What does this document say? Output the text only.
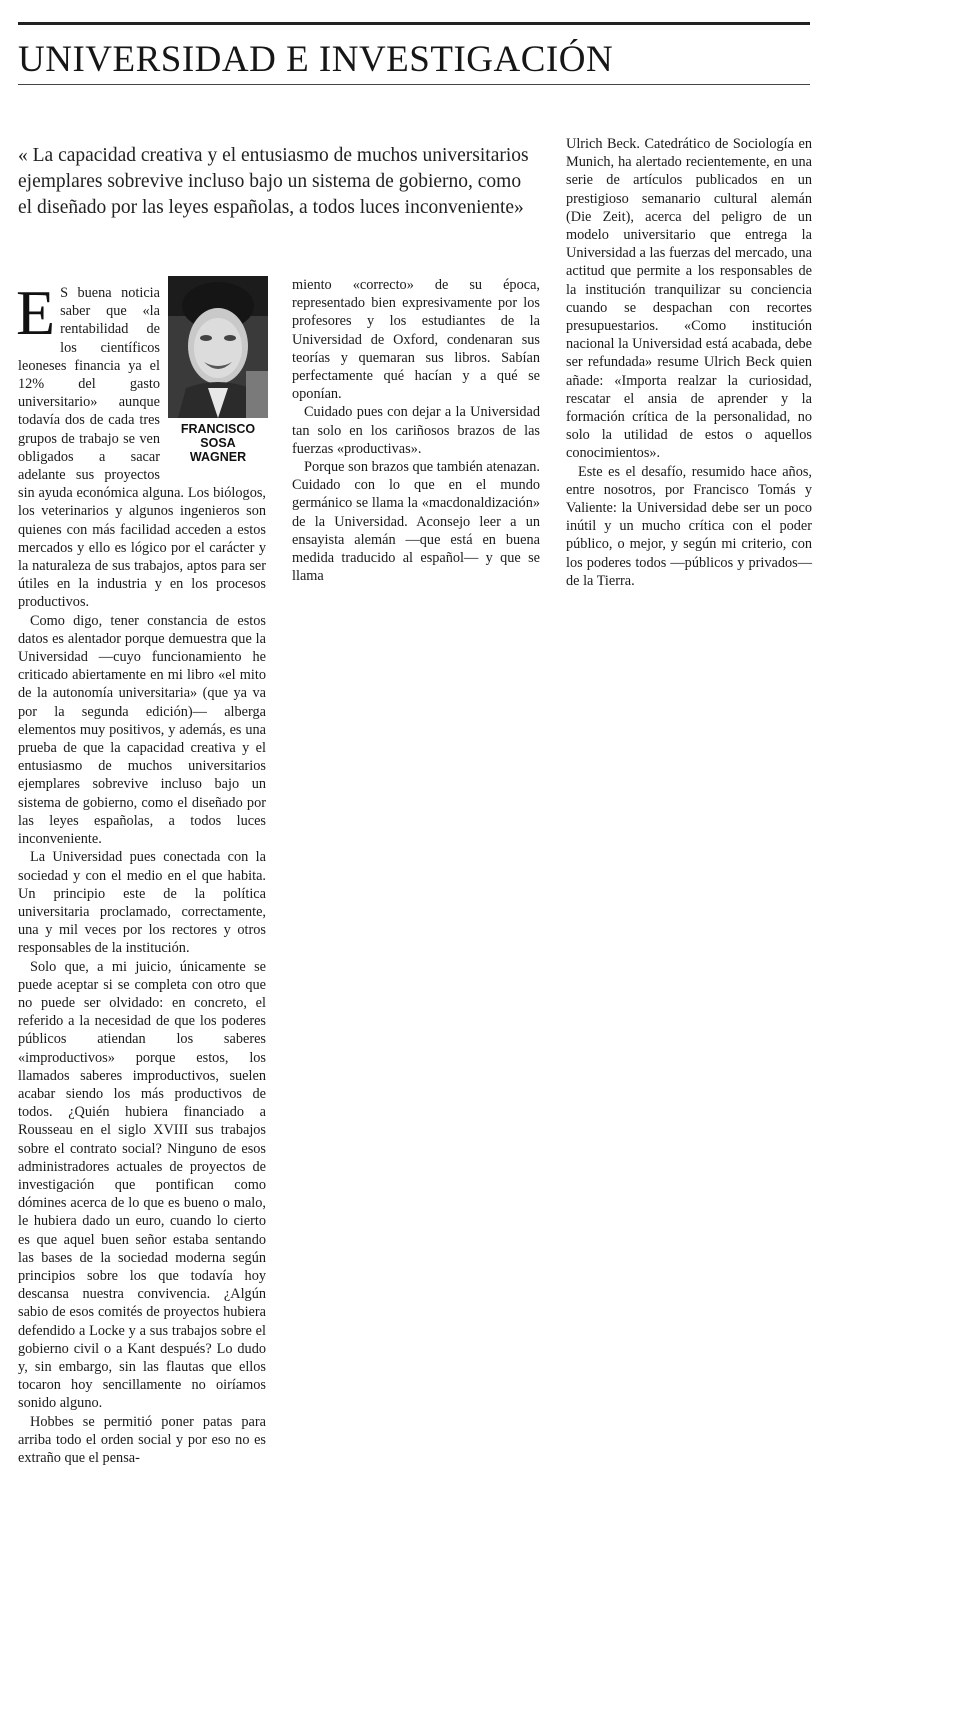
UNIVERSIDAD E INVESTIGACIÓN
« La capacidad creativa y el entusiasmo de muchos universitarios ejemplares sobrevive incluso bajo un sistema de gobierno, como el diseñado por las leyes españolas, a todos luces inconveniente»
FRANCISCO
SOSA
WAGNER

E S buena noticia saber que «la rentabilidad de los científicos leoneses financia ya el 12% del gasto universitario» aunque todavía dos de cada tres grupos de trabajo se ven obligados a sacar adelante sus proyectos sin ayuda económica alguna. Los biólogos, los veterinarios y algunos ingenieros son quienes con más facilidad acceden a estos mercados y ello es lógico por el carácter y la naturaleza de sus trabajos, aptos para ser útiles en la industria y en los procesos productivos.

Como digo, tener constancia de estos datos es alentador porque demuestra que la Universidad —cuyo funcionamiento he criticado abiertamente en mi libro «el mito de la autonomía universitaria» (que ya va por la segunda edición)— alberga elementos muy positivos, y además, es una prueba de que la capacidad creativa y el entusiasmo de muchos universitarios ejemplares sobrevive incluso bajo un sistema de gobierno, como el diseñado por las leyes españolas, a todos luces inconveniente.

La Universidad pues conectada con la sociedad y con el medio en el que habita. Un principio este de la política universitaria proclamado, correctamente, una y mil veces por los rectores y otros responsables de la institución.

Solo que, a mi juicio, únicamente se puede aceptar si se completa con otro que no puede ser olvidado: en concreto, el referido a la necesidad de que los poderes públicos atiendan los saberes «improductivos» porque estos, los llamados saberes improductivos, suelen acabar siendo los más productivos de todos. ¿Quién hubiera financiado a Rousseau en el siglo XVIII sus trabajos sobre el contrato social? Ninguno de esos administradores actuales de proyectos de investigación que pontifican como dómines acerca de lo que es bueno o malo, le hubiera dado un euro, cuando lo cierto es que aquel buen señor estaba sentando las bases de la sociedad moderna según principios sobre los que todavía hoy descansa nuestra convivencia. ¿Algún sabio de esos comités de proyectos hubiera defendido a Locke y a sus trabajos sobre el gobierno civil o a Kant después? Lo dudo y, sin embargo, sin las flautas que ellos tocaron hoy sencillamente no oiríamos sonido alguno.

Hobbes se permitió poner patas para arriba todo el orden social y por eso no es extraño que el pensa-

miento «correcto» de su época, representado bien expresivamente por los profesores y los estudiantes de la Universidad de Oxford, condenaran sus teorías y quemaran sus libros. Sabían perfectamente qué hacían y a qué se oponían.

Cuidado pues con dejar a la Universidad tan solo en los cariñosos brazos de las fuerzas «productivas».

Porque son brazos que también atenazan. Cuidado con lo que en el mundo germánico se llama la «macdonaldización» de la Universidad. Aconsejo leer a un ensayista alemán —que está en buena medida traducido al español— y que se llama

Ulrich Beck. Catedrático de Sociología en Munich, ha alertado recientemente, en una serie de artículos publicados en un prestigioso semanario cultural alemán (Die Zeit), acerca del peligro de un modelo universitario que entrega la Universidad a las fuerzas del mercado, una actitud que permite a los responsables de la institución tranquilizar su conciencia cuando se despachan con recortes presupuestarios. «Como institución nacional la Universidad está acabada, debe ser refundada» resume Ulrich Beck quien añade: «Importa realzar la curiosidad, rescatar el ansia de aprender y la formación crítica de la personalidad, no solo la utilidad de estos o aquellos conocimientos».

Este es el desafío, resumido hace años, entre nosotros, por Francisco Tomás y Valiente: la Universidad debe ser un poco inútil y un mucho crítica con el poder público, o mejor, y según mi criterio, con los poderes todos —públicos y privados— de la Tierra.
